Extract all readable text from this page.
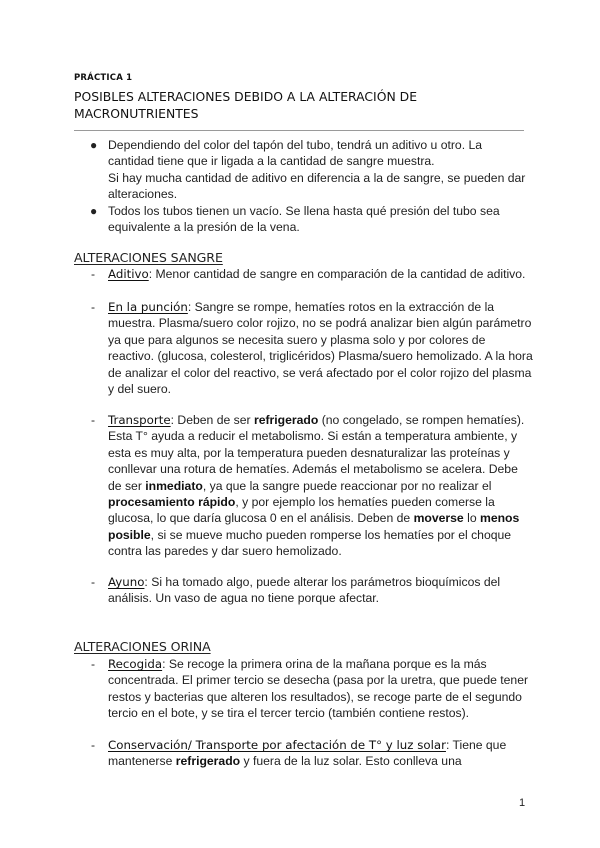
PRÁCTICA 1
POSIBLES ALTERACIONES DEBIDO A LA ALTERACIÓN DE MACRONUTRIENTES
● Dependiendo del color del tapón del tubo, tendrá un aditivo u otro. La cantidad tiene que ir ligada a la cantidad de sangre muestra.
Si hay mucha cantidad de aditivo en diferencia a la de sangre, se pueden dar alteraciones.
● Todos los tubos tienen un vacío. Se llena hasta qué presión del tubo sea equivalente a la presión de la vena.
ALTERACIONES SANGRE
-	Aditivo: Menor cantidad de sangre en comparación de la cantidad de aditivo.
-	En la punción: Sangre se rompe, hematíes rotos en la extracción de la muestra. Plasma/suero color rojizo, no se podrá analizar bien algún parámetro ya que para algunos se necesita suero y plasma solo y por colores de reactivo. (glucosa, colesterol, triglicéridos) Plasma/suero hemolizado. A la hora de analizar el color del reactivo, se verá afectado por el color rojizo del plasma y del suero.
-	Transporte: Deben de ser refrigerado (no congelado, se rompen hematíes). Esta T° ayuda a reducir el metabolismo. Si están a temperatura ambiente, y esta es muy alta, por la temperatura pueden desnaturalizar las proteínas y conllevar una rotura de hematíes. Además el metabolismo se acelera. Debe de ser inmediato, ya que la sangre puede reaccionar por no realizar el procesamiento rápido, y por ejemplo los hematíes pueden comerse la glucosa, lo que daría glucosa 0 en el análisis. Deben de moverse lo menos posible, si se mueve mucho pueden romperse los hematíes por el choque contra las paredes y dar suero hemolizado.
-	Ayuno: Si ha tomado algo, puede alterar los parámetros bioquímicos del análisis. Un vaso de agua no tiene porque afectar.
ALTERACIONES ORINA
-	Recogida: Se recoge la primera orina de la mañana porque es la más concentrada. El primer tercio se desecha (pasa por la uretra, que puede tener restos y bacterias que alteren los resultados), se recoge parte de el segundo tercio en el bote, y se tira el tercer tercio (también contiene restos).
-	Conservación/ Transporte por afectación de T° y luz solar: Tiene que mantenerse refrigerado y fuera de la luz solar. Esto conlleva una
1
